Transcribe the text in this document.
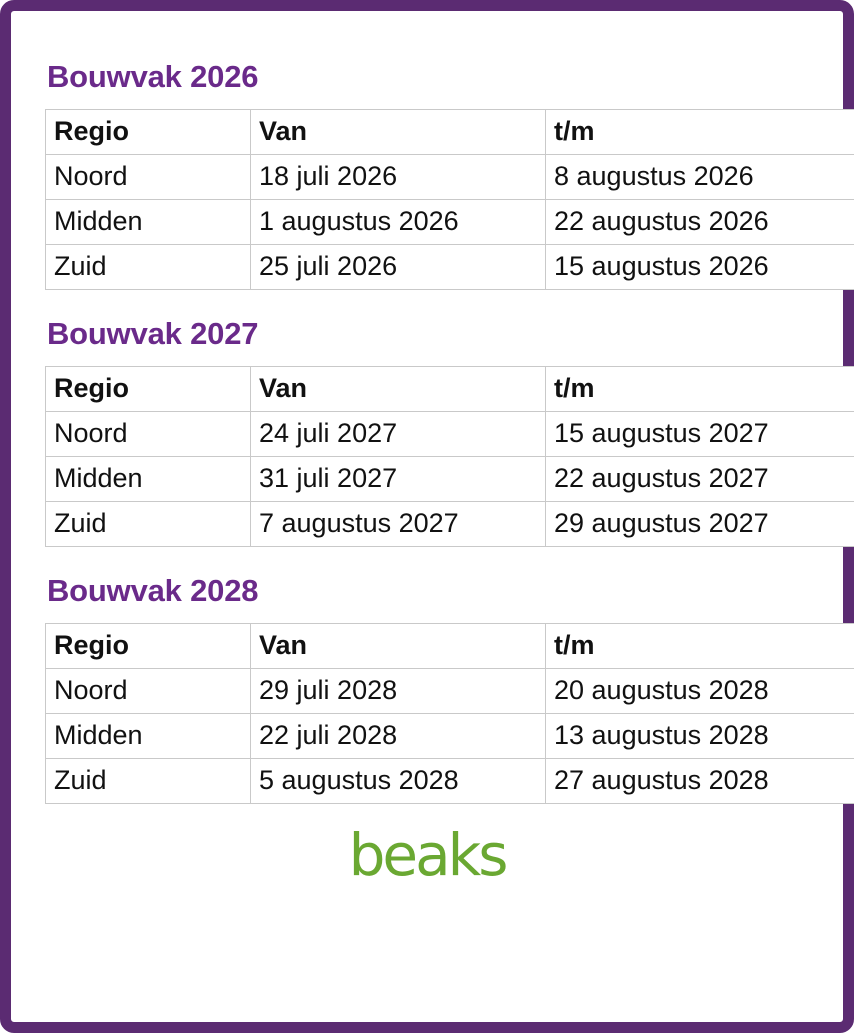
Bouwvak 2026
Regio	Van	t/m
Noord	18 juli 2026	8 augustus 2026
Midden	1 augustus 2026	22 augustus 2026
Zuid	25 juli 2026	15 augustus 2026
Bouwvak 2027
Regio	Van	t/m
Noord	24 juli 2027	15 augustus 2027
Midden	31 juli 2027	22 augustus 2027
Zuid	7 augustus 2027	29 augustus 2027
Bouwvak 2028
Regio	Van	t/m
Noord	29 juli 2028	20 augustus 2028
Midden	22 juli 2028	13 augustus 2028
Zuid	5 augustus 2028	27 augustus 2028
beaks
